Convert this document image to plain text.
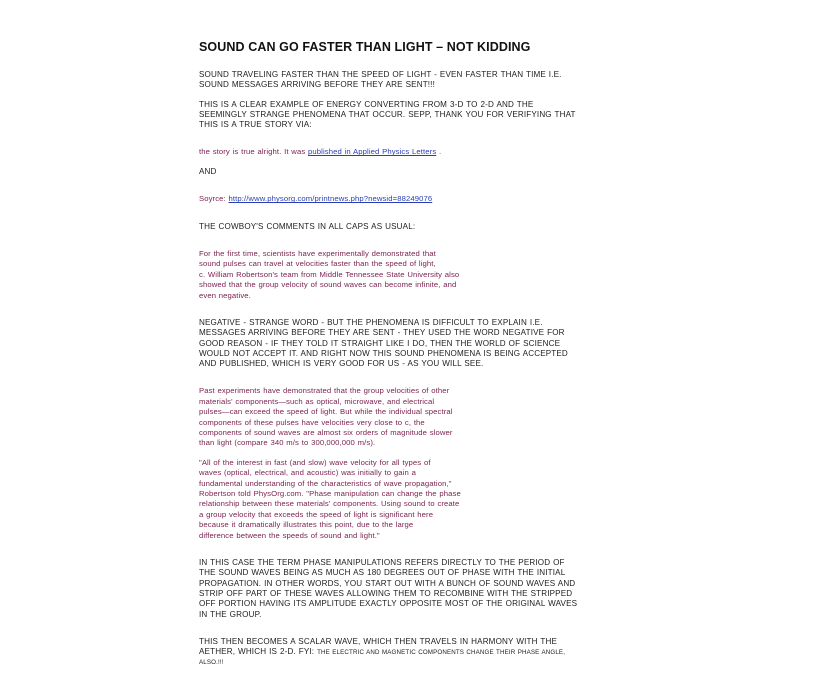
SOUND CAN GO FASTER THAN LIGHT – NOT KIDDING
SOUND TRAVELING FASTER THAN THE SPEED OF LIGHT - EVEN FASTER THAN TIME I.E.
SOUND MESSAGES ARRIVING BEFORE THEY ARE SENT!!!
THIS IS A CLEAR EXAMPLE OF ENERGY CONVERTING FROM 3-D TO 2-D AND THE
SEEMINGLY STRANGE PHENOMENA THAT OCCUR. SEPP, THANK YOU FOR VERIFYING THAT
THIS IS A TRUE STORY VIA:
the story is true alright. It was published in Applied Physics Letters .
AND
Soyrce: http://www.physorg.com/printnews.php?newsid=88249076
THE COWBOY'S COMMENTS IN ALL CAPS AS USUAL:
For the first time, scientists have experimentally demonstrated that
sound pulses can travel at velocities faster than the speed of light,
c. William Robertson's team from Middle Tennessee State University also
showed that the group velocity of sound waves can become infinite, and
even negative.
NEGATIVE - STRANGE WORD - BUT THE PHENOMENA IS DIFFICULT TO EXPLAIN I.E.
MESSAGES ARRIVING BEFORE THEY ARE SENT - THEY USED THE WORD NEGATIVE FOR
GOOD REASON - IF THEY TOLD IT STRAIGHT LIKE I DO, THEN THE WORLD OF SCIENCE
WOULD NOT ACCEPT IT. AND RIGHT NOW THIS SOUND PHENOMENA IS BEING ACCEPTED
AND PUBLISHED, WHICH IS VERY GOOD FOR US - AS YOU WILL SEE.
Past experiments have demonstrated that the group velocities of other
materials' components—such as optical, microwave, and electrical
pulses—can exceed the speed of light. But while the individual spectral
components of these pulses have velocities very close to c, the
components of sound waves are almost six orders of magnitude slower
than light (compare 340 m/s to 300,000,000 m/s).
"All of the interest in fast (and slow) wave velocity for all types of
waves (optical, electrical, and acoustic) was initially to gain a
fundamental understanding of the characteristics of wave propagation,"
Robertson told PhysOrg.com. "Phase manipulation can change the phase
relationship between these materials' components. Using sound to create
a group velocity that exceeds the speed of light is significant here
because it dramatically illustrates this point, due to the large
difference between the speeds of sound and light."
IN THIS CASE THE TERM PHASE MANIPULATIONS REFERS DIRECTLY TO THE PERIOD OF
THE SOUND WAVES BEING AS MUCH AS 180 DEGREES OUT OF PHASE WITH THE INITIAL
PROPAGATION. IN OTHER WORDS, YOU START OUT WITH A BUNCH OF SOUND WAVES AND
STRIP OFF PART OF THESE WAVES ALLOWING THEM TO RECOMBINE WITH THE STRIPPED
OFF PORTION HAVING ITS AMPLITUDE EXACTLY OPPOSITE MOST OF THE ORIGINAL WAVES
IN THE GROUP.
THIS THEN BECOMES A SCALAR WAVE, WHICH THEN TRAVELS IN HARMONY WITH THE
AETHER, WHICH IS 2-D. FYI: THE ELECTRIC AND MAGNETIC COMPONENTS CHANGE THEIR PHASE ANGLE,
ALSO.!!!
